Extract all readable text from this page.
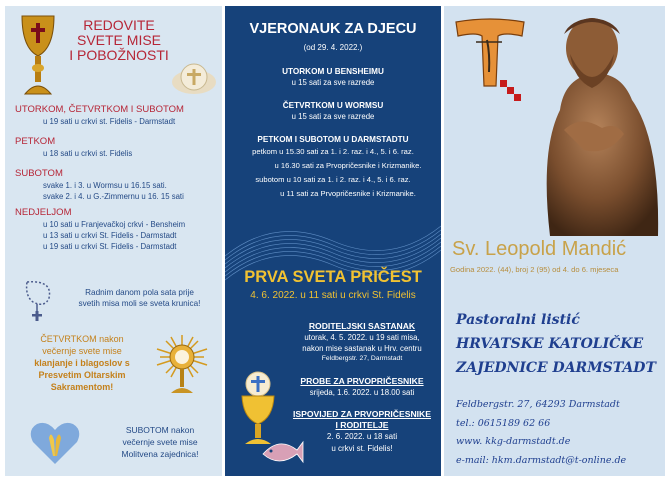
REDOVITE
SVETE MISE
I POBOŽNOSTI
UTORKOM, ČETVRTKOM I SUBOTOM
u 19 sati u crkvi st. Fidelis - Darmstadt
PETKOM
u 18 sati u crkvi st. Fidelis
SUBOTOM
svake 1. i 3. u Wormsu u 16.15 sati.
svake 2. i 4. u G.-Zimmernu u 16. 15 sati
NEDJELJOM
u 10 sati u Franjevačkoj crkvi - Bensheim
u 13 sati u crkvi St. Fidelis - Darmstadt
u 19 sati u crkvi St. Fidelis - Darmstadt
Radnim danom pola sata prije
svetih misa moli se sveta krunica!
ČETVRTKOM nakon
večernje svete mise
klanjanje i blagoslov s
Presvetim Oltarskim
Sakramentom!
SUBOTOM nakon
večernje svete mise
Molitvena zajednica!
VJERONAUK ZA DJECU
(od 29. 4. 2022.)
UTORKOM U BENSHEIMU
u 15 sati za sve razrede
ČETVRTKOM U WORMSU
u 15 sati za sve razrede
PETKOM I SUBOTOM U DARMSTADTU
petkom u 15.30 sati za 1. i 2. raz. i 4., 5. i 6. raz.
u 16.30 sati za Prvopričesnike i Krizmanike.
subotom u 10 sati za 1. i 2. raz. i 4., 5. i 6. raz.
u 11 sati za Prvopričesnike i Krizmanike.
PRVA SVETA PRIČEST
4. 6. 2022. u 11 sati u crkvi St. Fidelis
RODITELJSKI SASTANAK
utorak, 4. 5. 2022. u 19 sati misa,
nakon mise sastanak u Hrv. centru
Feldbergstr. 27, Darmstadt
PROBE ZA PRVOPRIČESNIKE
srijeda, 1.6. 2022. u 18.00 sati
ISPOVIJED ZA PRVOPRIČESNIKE
I RODITELJE
2. 6. 2022. u 18 sati
u crkvi st. Fidelis!
Sv. Leopold Mandić
Godina 2022. (44), broj 2 (95) od 4. do 6. mjeseca
Pastoralni listić
HRVATSKE KATOLIČKE
ZAJEDNICE DARMSTADT
Feldbergstr. 27, 64293 Darmstadt
tel.: 0615189 62 66
www. kkg-darmstadt.de
e-mail: hkm.darmstadt@t-online.de
